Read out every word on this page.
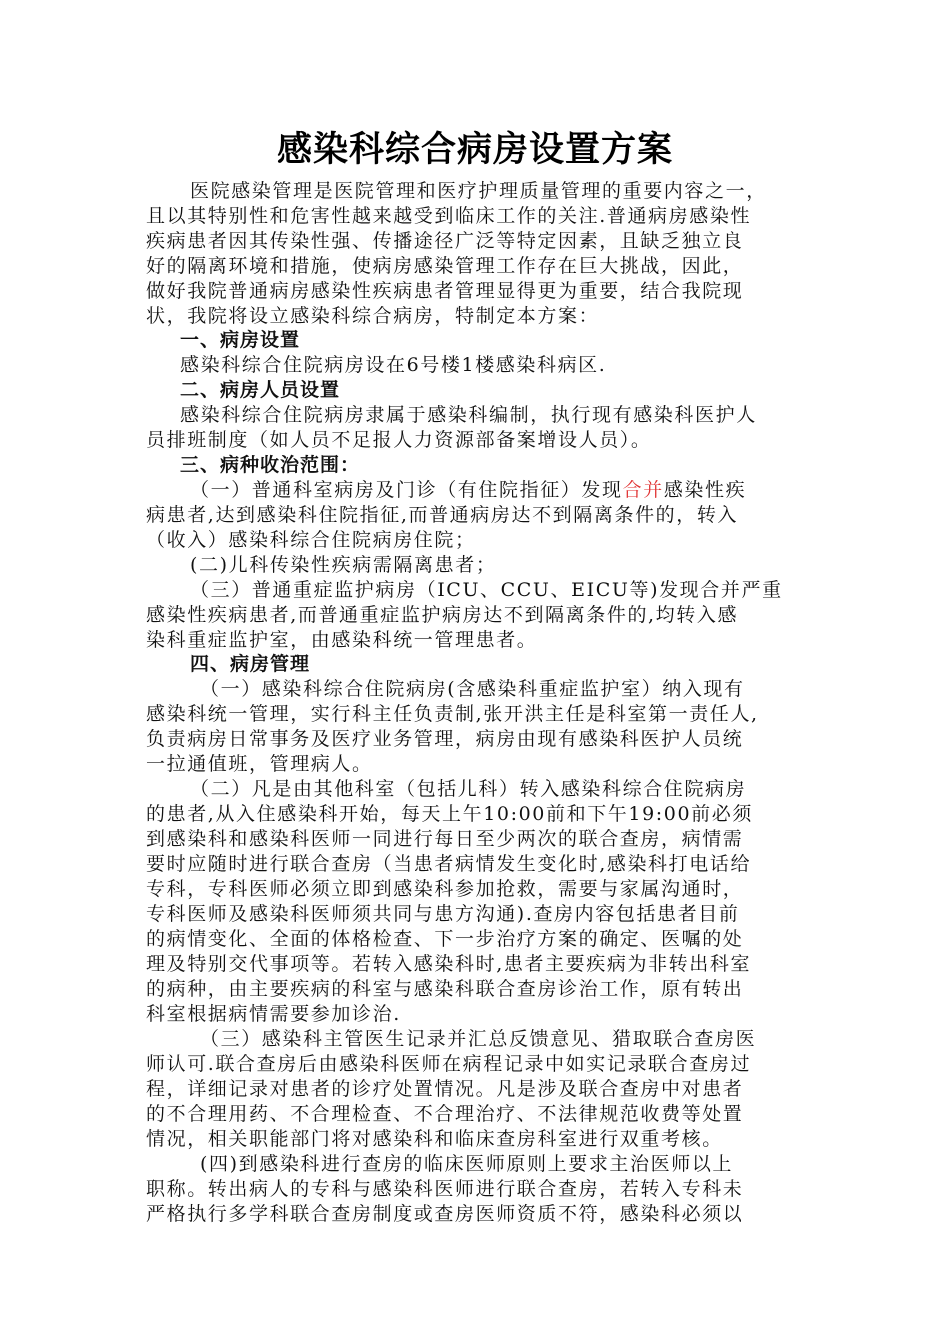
感染科综合病房设置方案
医院感染管理是医院管理和医疗护理质量管理的重要内容之一，
且以其特别性和危害性越来越受到临床工作的关注.普通病房感染性
疾病患者因其传染性强、传播途径广泛等特定因素，且缺乏独立良
好的隔离环境和措施，使病房感染管理工作存在巨大挑战，因此，
做好我院普通病房感染性疾病患者管理显得更为重要，结合我院现
状，我院将设立感染科综合病房，特制定本方案：
一、病房设置
感染科综合住院病房设在6号楼1楼感染科病区.
二、病房人员设置
感染科综合住院病房隶属于感染科编制，执行现有感染科医护人
员排班制度（如人员不足报人力资源部备案增设人员）。
三、病种收治范围：
（一）普通科室病房及门诊（有住院指征）发现合并感染性疾
病患者,达到感染科住院指征,而普通病房达不到隔离条件的，转入
（收入）感染科综合住院病房住院；
(二)儿科传染性疾病需隔离患者；
（三）普通重症监护病房（ICU、CCU、EICU等)发现合并严重
感染性疾病患者,而普通重症监护病房达不到隔离条件的,均转入感
染科重症监护室，由感染科统一管理患者。
四、病房管理
（一）感染科综合住院病房(含感染科重症监护室）纳入现有
感染科统一管理，实行科主任负责制,张开洪主任是科室第一责任人,
负责病房日常事务及医疗业务管理，病房由现有感染科医护人员统
一拉通值班，管理病人。
（二）凡是由其他科室（包括儿科）转入感染科综合住院病房
的患者,从入住感染科开始，每天上午10:00前和下午19:00前必须
到感染科和感染科医师一同进行每日至少两次的联合查房，病情需
要时应随时进行联合查房（当患者病情发生变化时,感染科打电话给
专科，专科医师必须立即到感染科参加抢救，需要与家属沟通时，
专科医师及感染科医师须共同与患方沟通).查房内容包括患者目前
的病情变化、全面的体格检查、下一步治疗方案的确定、医嘱的处
理及特别交代事项等。若转入感染科时,患者主要疾病为非转出科室
的病种，由主要疾病的科室与感染科联合查房诊治工作，原有转出
科室根据病情需要参加诊治.
（三）感染科主管医生记录并汇总反馈意见、猎取联合查房医
师认可.联合查房后由感染科医师在病程记录中如实记录联合查房过
程，详细记录对患者的诊疗处置情况。凡是涉及联合查房中对患者
的不合理用药、不合理检查、不合理治疗、不法律规范收费等处置
情况，相关职能部门将对感染科和临床查房科室进行双重考核。
(四)到感染科进行查房的临床医师原则上要求主治医师以上
职称。转出病人的专科与感染科医师进行联合查房，若转入专科未
严格执行多学科联合查房制度或查房医师资质不符，感染科必须以
